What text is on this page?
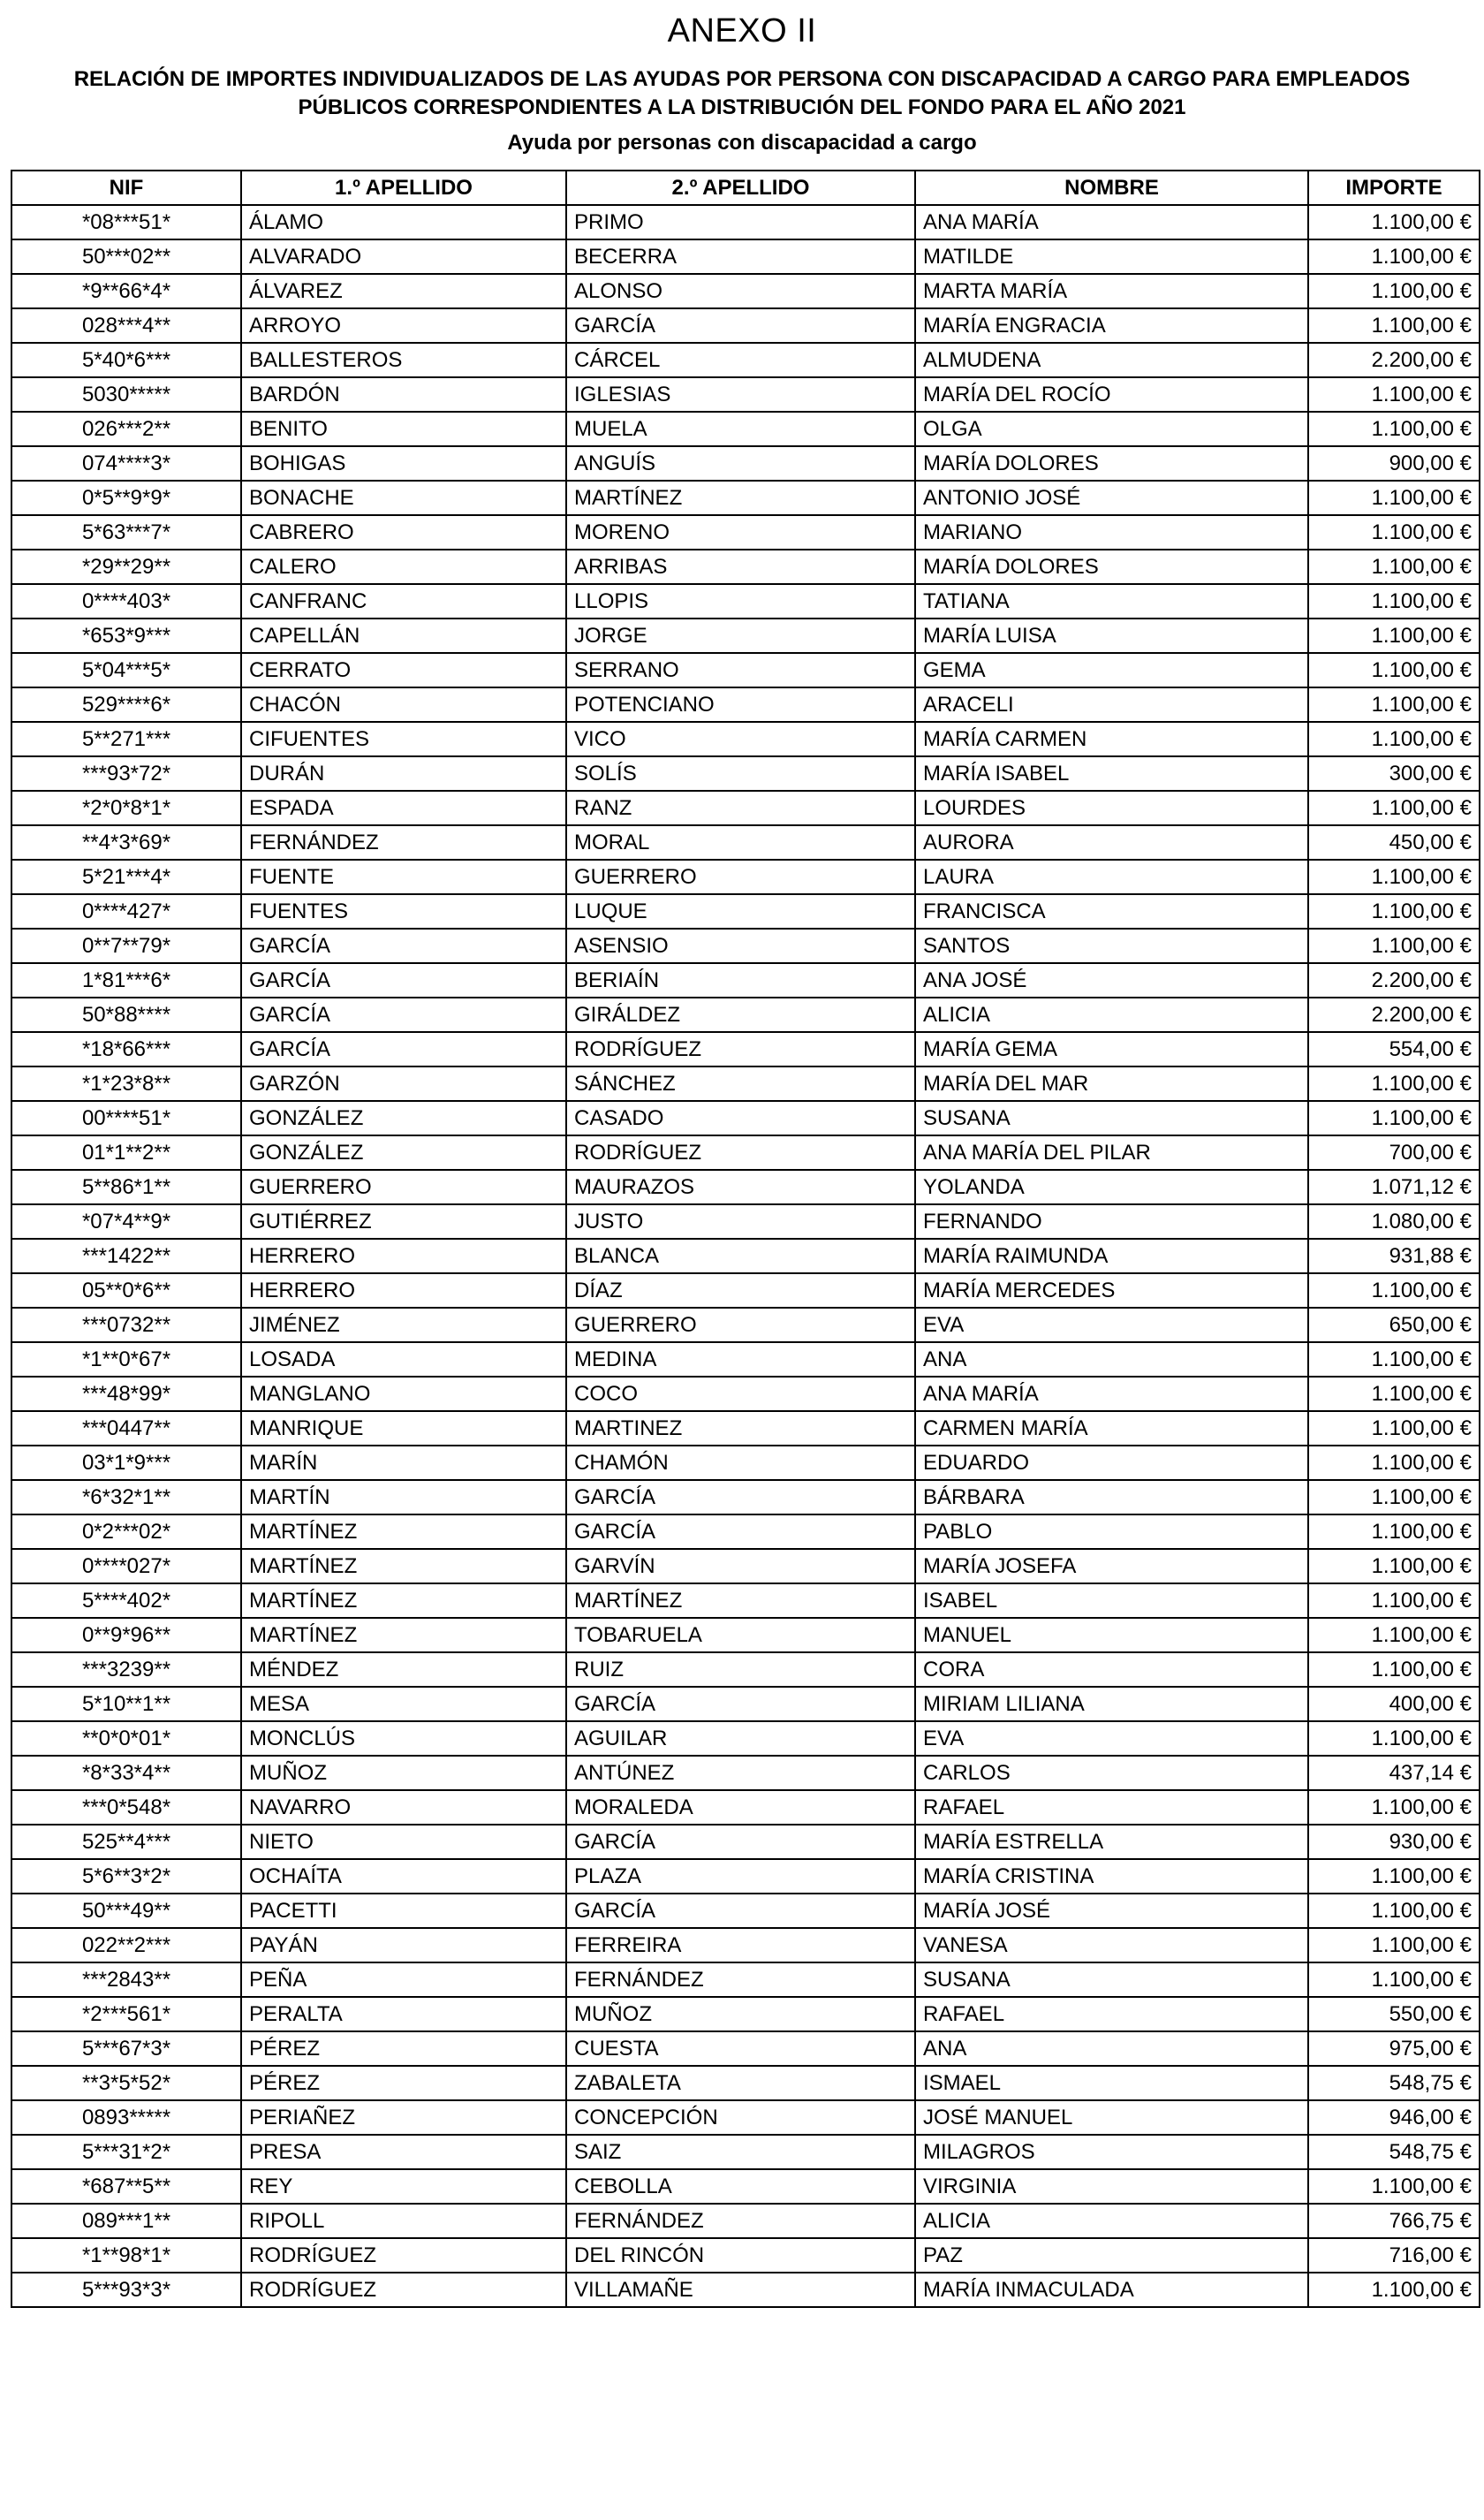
ANEXO II
RELACIÓN DE IMPORTES INDIVIDUALIZADOS DE LAS AYUDAS POR PERSONA CON DISCAPACIDAD A CARGO PARA EMPLEADOS
PÚBLICOS CORRESPONDIENTES A LA DISTRIBUCIÓN DEL FONDO PARA EL AÑO 2021
Ayuda por personas con discapacidad a cargo
NIF	1.º APELLIDO	2.º APELLIDO	NOMBRE	IMPORTE
*08***51*	ÁLAMO	PRIMO	ANA MARÍA	1.100,00 €
50***02**	ALVARADO	BECERRA	MATILDE	1.100,00 €
*9**66*4*	ÁLVAREZ	ALONSO	MARTA MARÍA	1.100,00 €
028***4**	ARROYO	GARCÍA	MARÍA ENGRACIA	1.100,00 €
5*40*6***	BALLESTEROS	CÁRCEL	ALMUDENA	2.200,00 €
5030*****	BARDÓN	IGLESIAS	MARÍA DEL ROCÍO	1.100,00 €
026***2**	BENITO	MUELA	OLGA	1.100,00 €
074****3*	BOHIGAS	ANGUÍS	MARÍA DOLORES	900,00 €
0*5**9*9*	BONACHE	MARTÍNEZ	ANTONIO JOSÉ	1.100,00 €
5*63***7*	CABRERO	MORENO	MARIANO	1.100,00 €
*29**29**	CALERO	ARRIBAS	MARÍA DOLORES	1.100,00 €
0****403*	CANFRANC	LLOPIS	TATIANA	1.100,00 €
*653*9***	CAPELLÁN	JORGE	MARÍA LUISA	1.100,00 €
5*04***5*	CERRATO	SERRANO	GEMA	1.100,00 €
529****6*	CHACÓN	POTENCIANO	ARACELI	1.100,00 €
5**271***	CIFUENTES	VICO	MARÍA CARMEN	1.100,00 €
***93*72*	DURÁN	SOLÍS	MARÍA ISABEL	300,00 €
*2*0*8*1*	ESPADA	RANZ	LOURDES	1.100,00 €
**4*3*69*	FERNÁNDEZ	MORAL	AURORA	450,00 €
5*21***4*	FUENTE	GUERRERO	LAURA	1.100,00 €
0****427*	FUENTES	LUQUE	FRANCISCA	1.100,00 €
0**7**79*	GARCÍA	ASENSIO	SANTOS	1.100,00 €
1*81***6*	GARCÍA	BERIAÍN	ANA JOSÉ	2.200,00 €
50*88****	GARCÍA	GIRÁLDEZ	ALICIA	2.200,00 €
*18*66***	GARCÍA	RODRÍGUEZ	MARÍA GEMA	554,00 €
*1*23*8**	GARZÓN	SÁNCHEZ	MARÍA DEL MAR	1.100,00 €
00****51*	GONZÁLEZ	CASADO	SUSANA	1.100,00 €
01*1**2**	GONZÁLEZ	RODRÍGUEZ	ANA MARÍA DEL PILAR	700,00 €
5**86*1**	GUERRERO	MAURAZOS	YOLANDA	1.071,12 €
*07*4**9*	GUTIÉRREZ	JUSTO	FERNANDO	1.080,00 €
***1422**	HERRERO	BLANCA	MARÍA RAIMUNDA	931,88 €
05**0*6**	HERRERO	DÍAZ	MARÍA MERCEDES	1.100,00 €
***0732**	JIMÉNEZ	GUERRERO	EVA	650,00 €
*1**0*67*	LOSADA	MEDINA	ANA	1.100,00 €
***48*99*	MANGLANO	COCO	ANA MARÍA	1.100,00 €
***0447**	MANRIQUE	MARTINEZ	CARMEN MARÍA	1.100,00 €
03*1*9***	MARÍN	CHAMÓN	EDUARDO	1.100,00 €
*6*32*1**	MARTÍN	GARCÍA	BÁRBARA	1.100,00 €
0*2***02*	MARTÍNEZ	GARCÍA	PABLO	1.100,00 €
0****027*	MARTÍNEZ	GARVÍN	MARÍA JOSEFA	1.100,00 €
5****402*	MARTÍNEZ	MARTÍNEZ	ISABEL	1.100,00 €
0**9*96**	MARTÍNEZ	TOBARUELA	MANUEL	1.100,00 €
***3239**	MÉNDEZ	RUIZ	CORA	1.100,00 €
5*10**1**	MESA	GARCÍA	MIRIAM LILIANA	400,00 €
**0*0*01*	MONCLÚS	AGUILAR	EVA	1.100,00 €
*8*33*4**	MUÑOZ	ANTÚNEZ	CARLOS	437,14 €
***0*548*	NAVARRO	MORALEDA	RAFAEL	1.100,00 €
525**4***	NIETO	GARCÍA	MARÍA ESTRELLA	930,00 €
5*6**3*2*	OCHAÍTA	PLAZA	MARÍA CRISTINA	1.100,00 €
50***49**	PACETTI	GARCÍA	MARÍA JOSÉ	1.100,00 €
022**2***	PAYÁN	FERREIRA	VANESA	1.100,00 €
***2843**	PEÑA	FERNÁNDEZ	SUSANA	1.100,00 €
*2***561*	PERALTA	MUÑOZ	RAFAEL	550,00 €
5***67*3*	PÉREZ	CUESTA	ANA	975,00 €
**3*5*52*	PÉREZ	ZABALETA	ISMAEL	548,75 €
0893*****	PERIAÑEZ	CONCEPCIÓN	JOSÉ MANUEL	946,00 €
5***31*2*	PRESA	SAIZ	MILAGROS	548,75 €
*687**5**	REY	CEBOLLA	VIRGINIA	1.100,00 €
089***1**	RIPOLL	FERNÁNDEZ	ALICIA	766,75 €
*1**98*1*	RODRÍGUEZ	DEL RINCÓN	PAZ	716,00 €
5***93*3*	RODRÍGUEZ	VILLAMAÑE	MARÍA INMACULADA	1.100,00 €
